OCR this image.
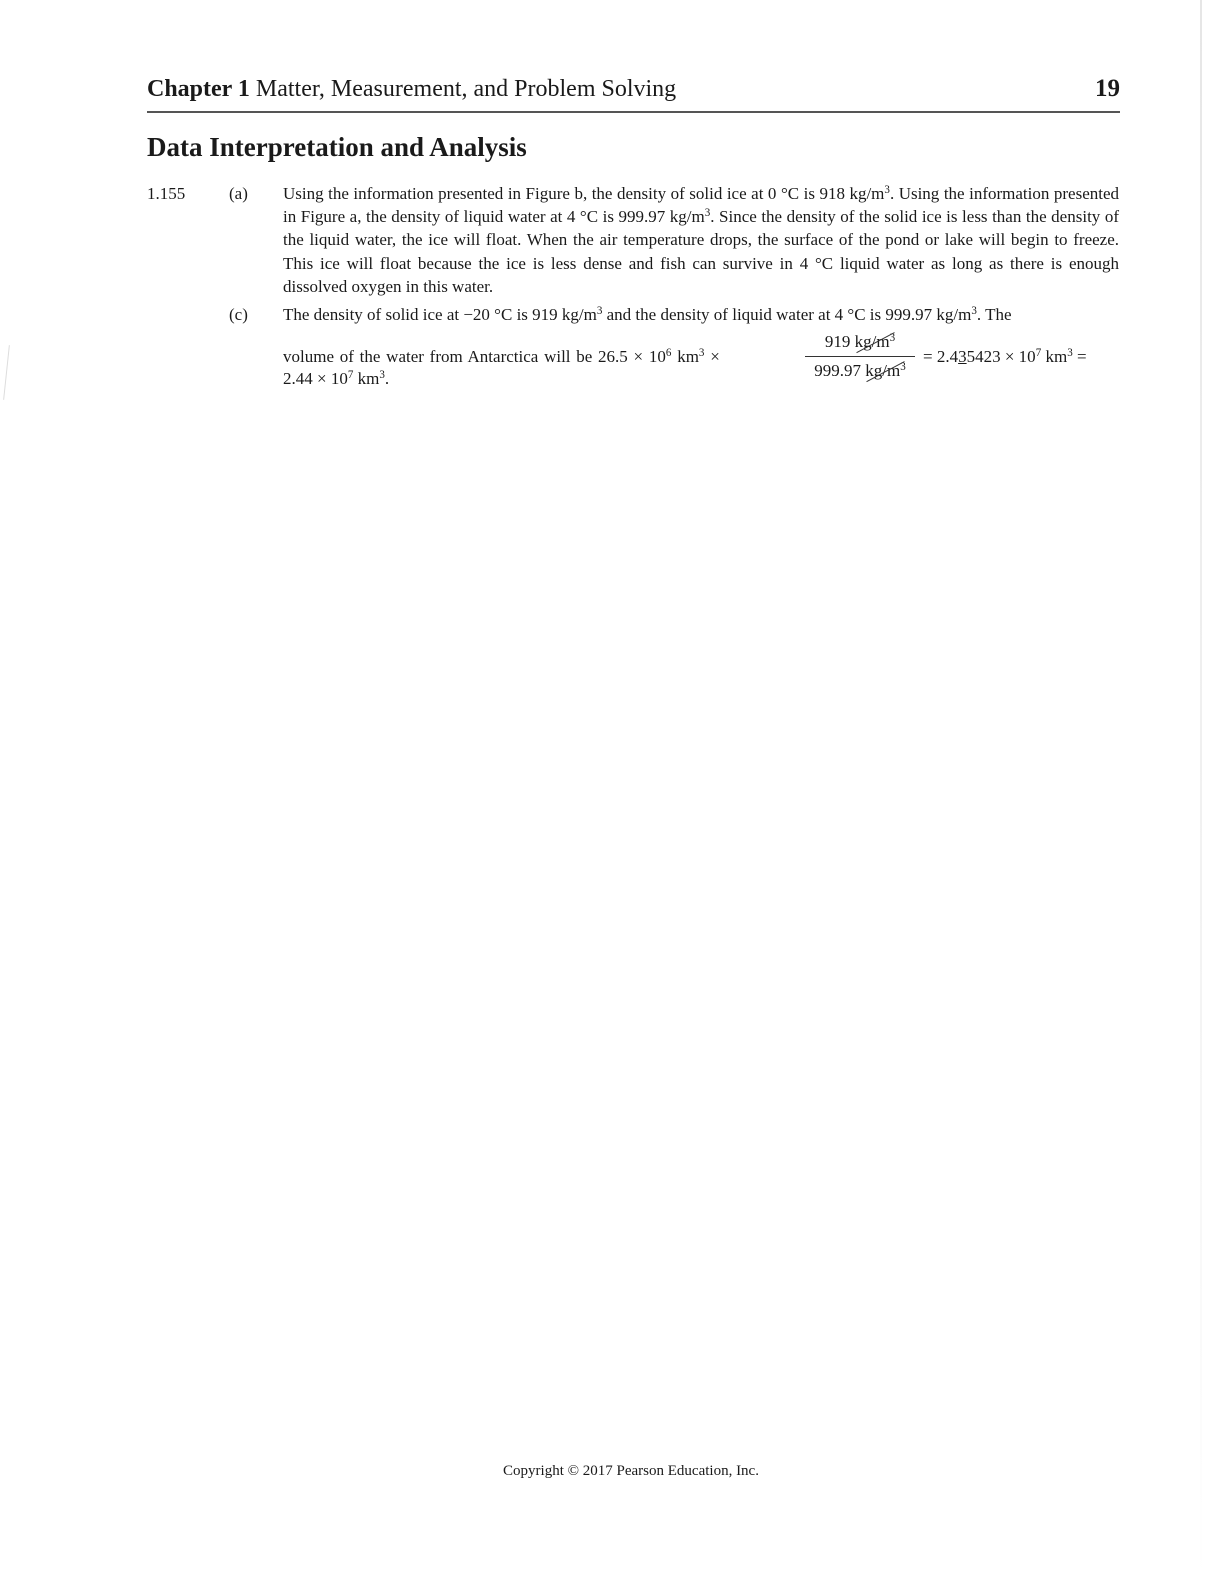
Chapter 1 Matter, Measurement, and Problem Solving	19
Data Interpretation and Analysis
1.155	(a) Using the information presented in Figure b, the density of solid ice at 0 °C is 918 $kg/m^3$. Using the information presented in Figure a, the density of liquid water at 4 °C is 999.97 $kg/m^3$. Since the density of the solid ice is less than the density of the liquid water, the ice will float. When the air temperature drops, the surface of the pond or lake will begin to freeze. This ice will float because the ice is less dense and fish can survive in 4 °C liquid water as long as there is enough dissolved oxygen in this water.
(c) The density of solid ice at −20 °C is 919 $kg/m^3$ and the density of liquid water at 4 °C is 999.97 $kg/m^3$. The
volume of the water from Antarctica will be $26.5 \times 10^6$ $km^3$ ×	$\frac{919 kg/m^3}{999.97 kg/m^3} = 2.435423 \times 10^7$ $km^3$ =
$2.44 \times 10^7$ $km^3$.
Copyright © 2017 Pearson Education, Inc.
